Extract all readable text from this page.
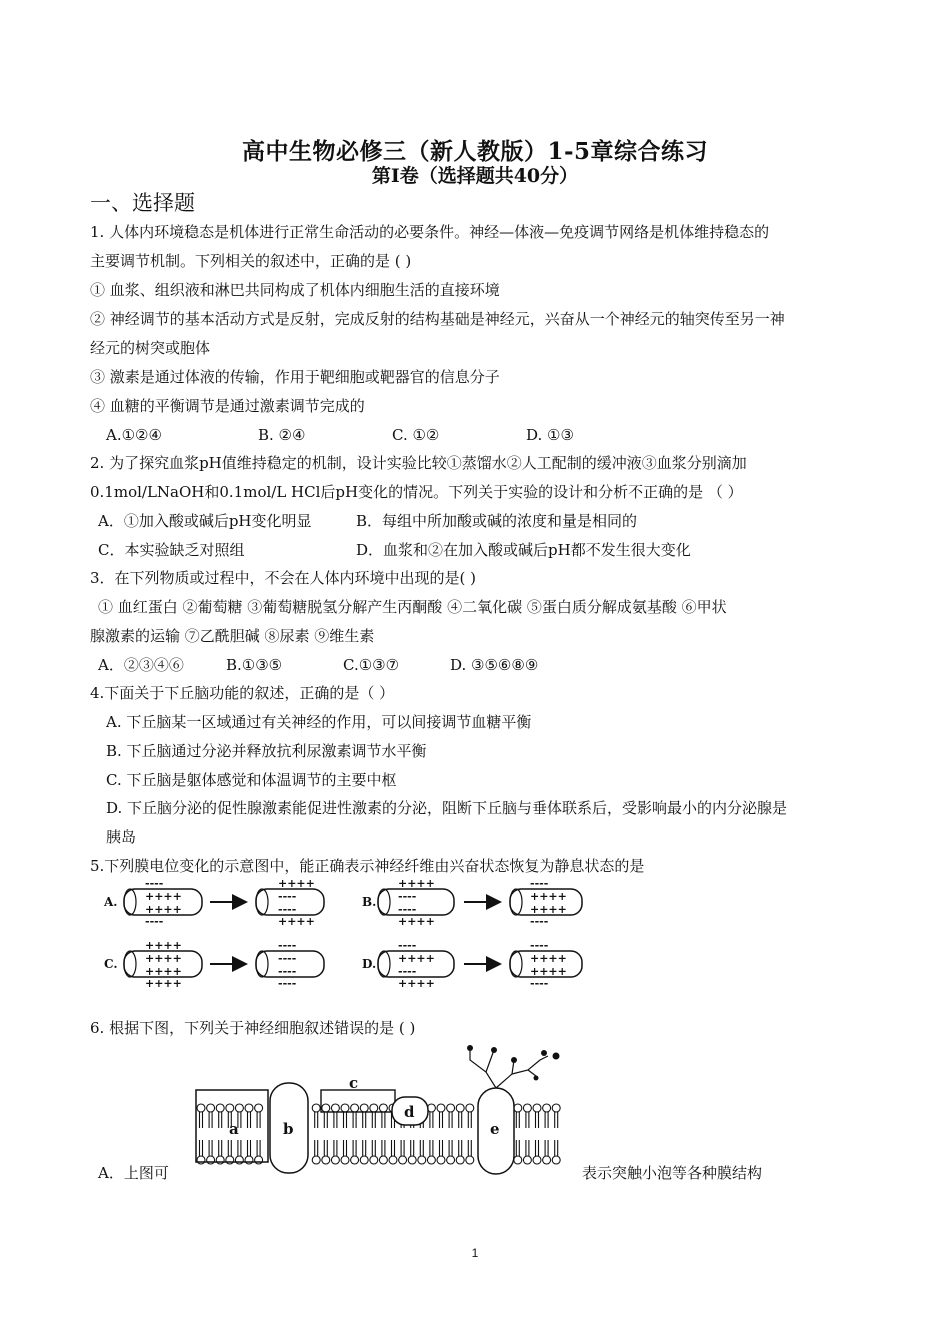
高中生物必修三（新人教版）1-5章综合练习
第Ⅰ卷（选择题共40分）
一、选择题
1. 人体内环境稳态是机体进行正常生命活动的必要条件。神经—体液—免疫调节网络是机体维持稳态的
主要调节机制。下列相关的叙述中，正确的是 ( )
① 血浆、组织液和淋巴共同构成了机体内细胞生活的直接环境
② 神经调节的基本活动方式是反射，完成反射的结构基础是神经元，兴奋从一个神经元的轴突传至另一神
经元的树突或胞体
③ 激素是通过体液的传输，作用于靶细胞或靶器官的信息分子
④ 血糖的平衡调节是通过激素调节完成的
A.①②④	B. ②④	C. ①②	D. ①③
2. 为了探究血浆pH值维持稳定的机制，设计实验比较①蒸馏水②人工配制的缓冲液③血浆分别滴加
0.1mol/LNaOH和0.1mol/L HCl后pH变化的情况。下列关于实验的设计和分析不正确的是 （ ）
A．①加入酸或碱后pH变化明显	B．每组中所加酸或碱的浓度和量是相同的
C．本实验缺乏对照组	D．血浆和②在加入酸或碱后pH都不发生很大变化
3．在下列物质或过程中，不会在人体内环境中出现的是( )
① 血红蛋白 ②葡萄糖 ③葡萄糖脱氢分解产生丙酮酸 ④二氧化碳 ⑤蛋白质分解成氨基酸 ⑥甲状
腺激素的运输 ⑦乙酰胆碱 ⑧尿素 ⑨维生素
A．②③④⑥	B.①③⑤	C.①③⑦	D. ③⑤⑥⑧⑨
4.下面关于下丘脑功能的叙述，正确的是（ ）
A. 下丘脑某一区域通过有关神经的作用，可以间接调节血糖平衡
B. 下丘脑通过分泌并释放抗利尿激素调节水平衡
C. 下丘脑是躯体感觉和体温调节的主要中枢
D. 下丘脑分泌的促性腺激素能促进性激素的分泌，阻断下丘脑与垂体联系后，受影响最小的内分泌腺是
胰岛
5.下列膜电位变化的示意图中，能正确表示神经纤维由兴奋状态恢复为静息状态的是
A.
----
++++
++++
----
++++
----
----
++++
B.
++++
----
----
++++
----
++++
++++
----
C.
++++
++++
++++
++++
----
----
----
----
D.
----
++++
----
++++
----
++++
++++
----
a	b
c
d
e
6. 根据下图，下列关于神经细胞叙述错误的是 ( )
A．上图可	表示突触小泡等各种膜结构
1
